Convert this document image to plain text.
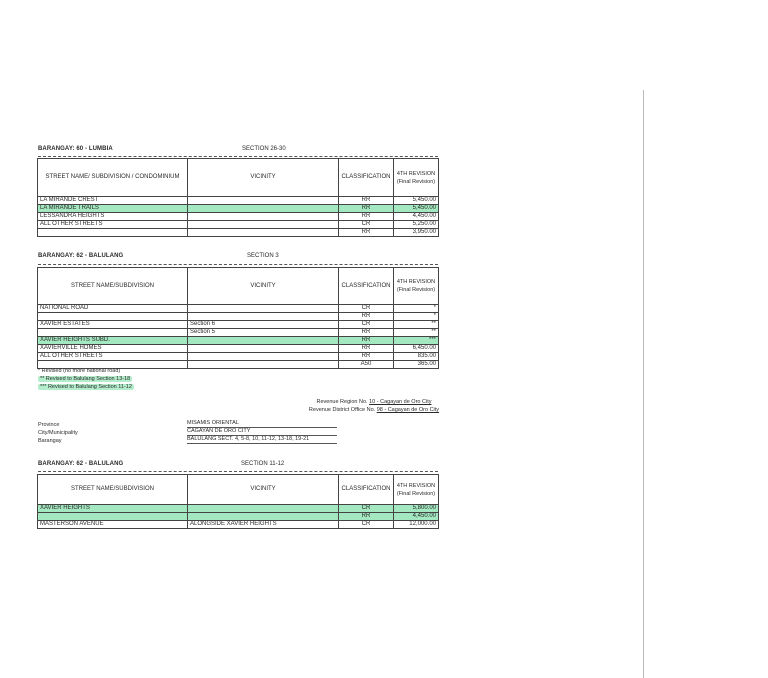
BARANGAY: 60 - LUMBIA	SECTION 26-30
STREET NAME/ SUBDIVISION / CONDOMINIUM	VICINITY	CLASSIFICATION	4TH REVISION (Final Revision)
LA MIRANDE CREST		RR	5,450.00
LA MIRANDE TRAILS		RR	5,450.00
LESSANDRA HEIGHTS		RR	4,450.00
ALL OTHER STREETS		CR	5,250.00
		RR	3,950.00
BARANGAY: 62 - BALULANG	SECTION 3
STREET NAME/SUBDIVISION	VICINITY	CLASSIFICATION	4TH REVISION (Final Revision)
NATIONAL ROAD		CR	*
		RR	*
XAVIER ESTATES	Section 6	CR	**
	Section 5	RR	**
XAVIER HEIGHTS SUBD.		RR	***
XAVIERVILLE HOMES		RR	6,450.00
ALL OTHER STREETS		RR	835.00
		A50	365.00
* Revised (no more national road)
** Revised to Balulang Section 13-18
*** Revised to Balulang Section 11-12
Revenue Region No. 10 - Cagayan de Oro City
Revenue District Office No. 98 - Cagayan de Oro City
Province	MISAMIS ORIENTAL
City/Municipality	CAGAYAN DE ORO CITY
Barangay	BALULANG SECT. 4, 5-8, 10, 11-12, 13-18, 19-21
BARANGAY: 62 - BALULANG	SECTION 11-12
STREET NAME/SUBDIVISION	VICINITY	CLASSIFICATION	4TH REVISION (Final Revision)
XAVIER HEIGHTS		CR	5,800.00
		RR	4,450.00
MASTERSON AVENUE	ALONGSIDE XAVIER HEIGHTS	CR	12,000.00
